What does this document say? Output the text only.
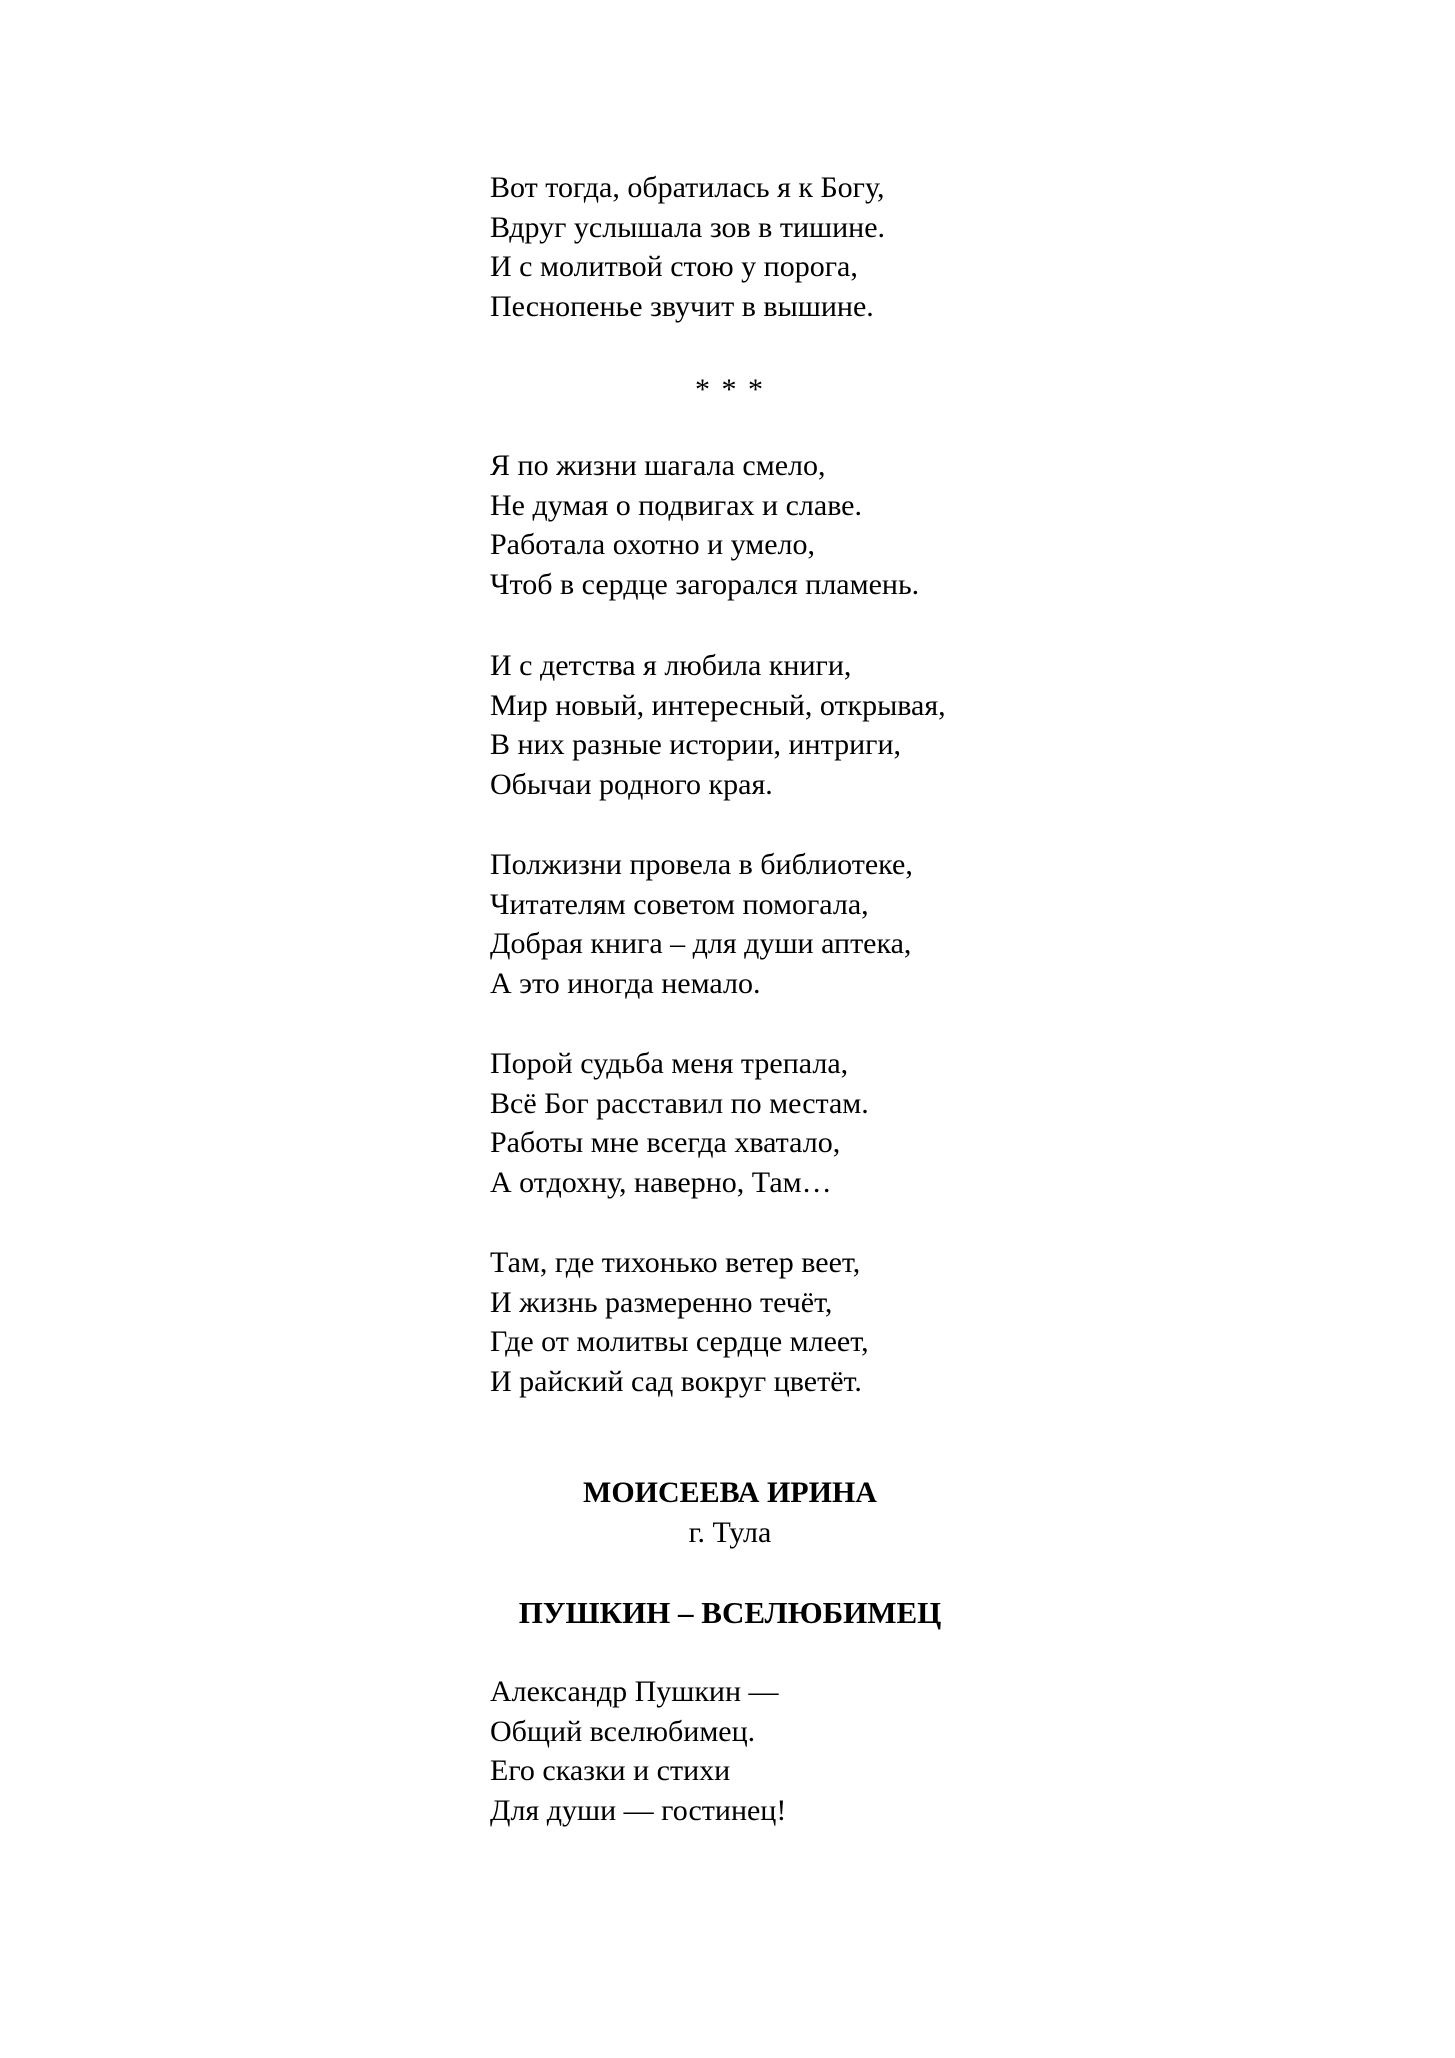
Вот тогда, обратилась я к Богу,
Вдруг услышала зов в тишине.
И с молитвой стою у порога,
Песнопенье звучит в вышине.
* * *
Я по жизни шагала смело,
Не думая о подвигах и славе.
Работала охотно и умело,
Чтоб в сердце загорался пламень.
И с детства я любила книги,
Мир новый, интересный, открывая,
В них разные истории, интриги,
Обычаи родного края.
Полжизни провела в библиотеке,
Читателям советом помогала,
Добрая книга – для души аптека,
А это иногда немало.
Порой судьба меня трепала,
Всё Бог расставил по местам.
Работы мне всегда хватало,
А отдохну, наверно, Там…
Там, где тихонько ветер веет,
И жизнь размеренно течёт,
Где от молитвы сердце млеет,
И райский сад вокруг цветёт.
МОИСЕЕВА ИРИНА
г. Тула
ПУШКИН – ВСЕЛЮБИМЕЦ
Александр Пушкин —
Общий вселюбимец.
Его сказки и стихи
Для души — гостинец!
